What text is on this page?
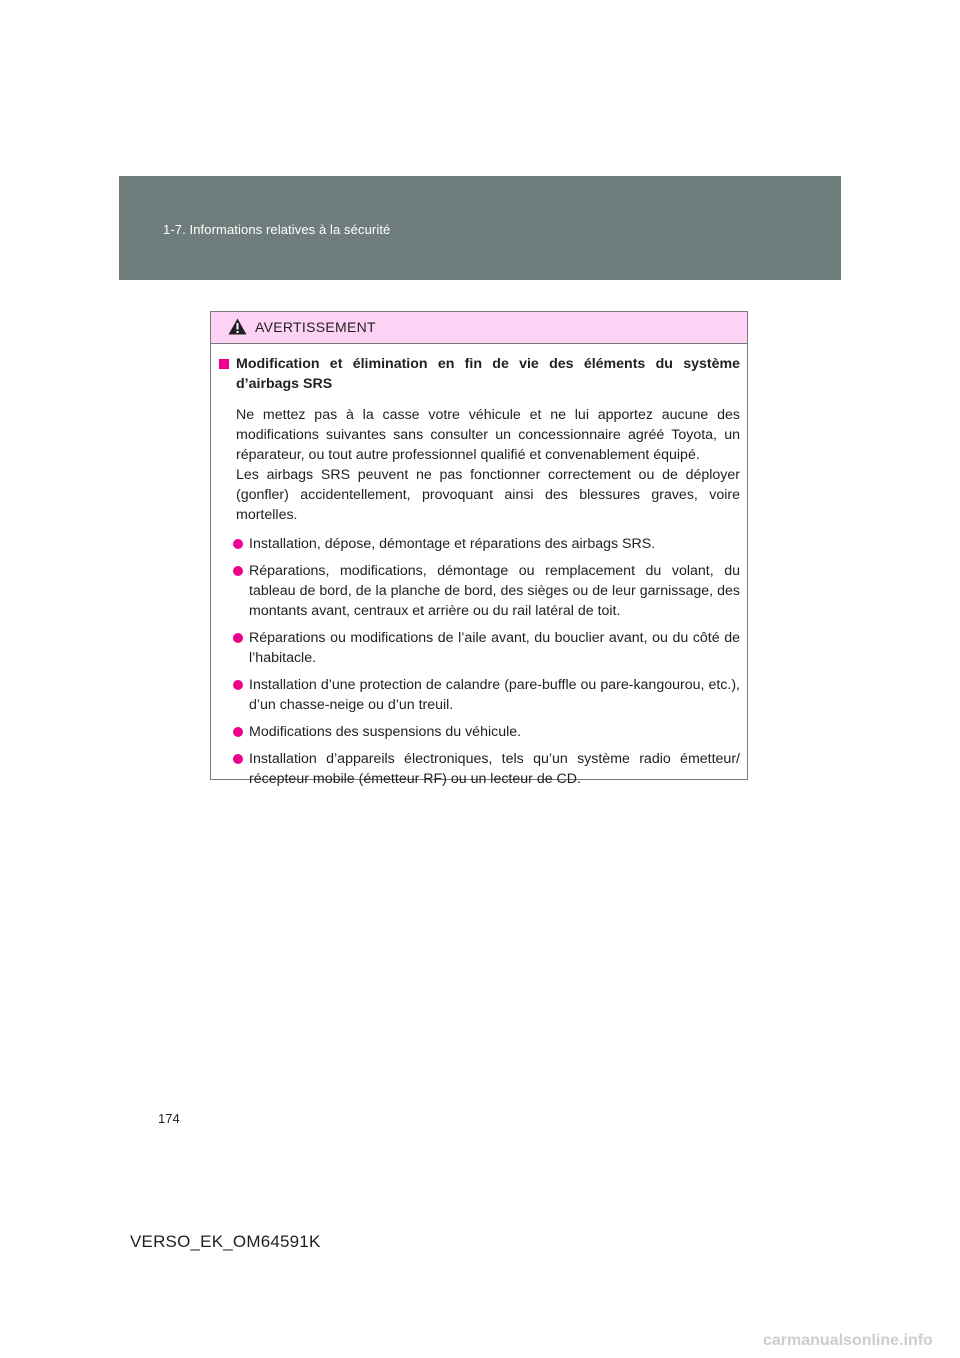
1-7. Informations relatives à la sécurité
AVERTISSEMENT
Modification et élimination en fin de vie des éléments du système d’airbags SRS

Ne mettez pas à la casse votre véhicule et ne lui apportez aucune des modifications suivantes sans consulter un concessionnaire agréé Toyota, un réparateur, ou tout autre professionnel qualifié et convenablement équipé.

Les airbags SRS peuvent ne pas fonctionner correctement ou de déployer (gonfler) accidentellement, provoquant ainsi des blessures graves, voire mortelles.

Installation, dépose, démontage et réparations des airbags SRS.
Réparations, modifications, démontage ou remplacement du volant, du tableau de bord, de la planche de bord, des sièges ou de leur garnissage, des montants avant, centraux et arrière ou du rail latéral de toit.
Réparations ou modifications de l’aile avant, du bouclier avant, ou du côté de l’habitacle.
Installation d’une protection de calandre (pare-buffle ou pare-kangourou, etc.), d’un chasse-neige ou d’un treuil.
Modifications des suspensions du véhicule.
Installation d’appareils électroniques, tels qu’un système radio émetteur/ récepteur mobile (émetteur RF) ou un lecteur de CD.
174
VERSO_EK_OM64591K
carmanualsonline.info
